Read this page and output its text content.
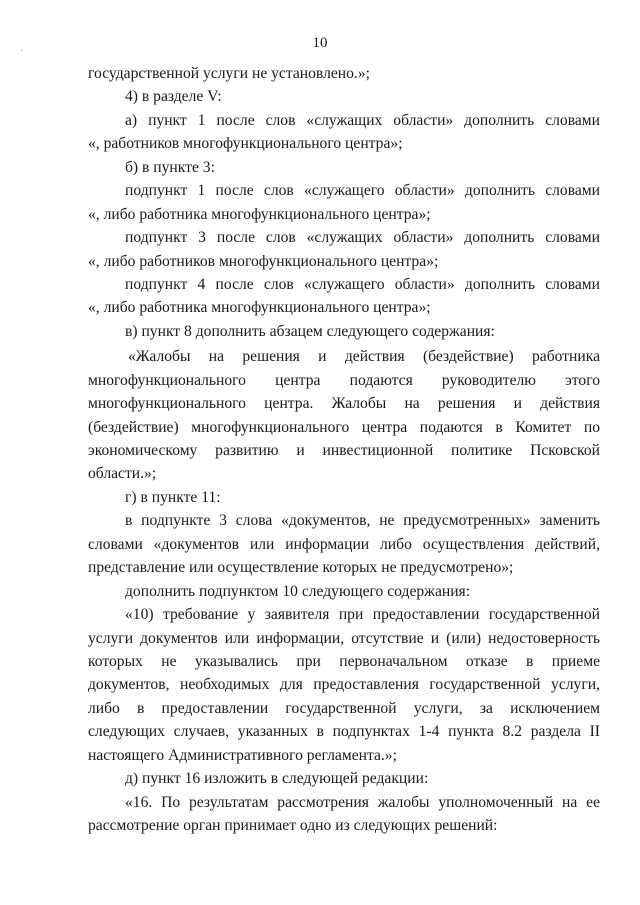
·
10
государственной услуги не установлено.»;
4) в разделе V:
а) пункт 1 после слов «служащих области» дополнить словами
«, работников многофункционального центра»;
б) в пункте 3:
подпункт 1 после слов «служащего области» дополнить словами
«, либо работника многофункционального центра»;
подпункт 3 после слов «служащих области» дополнить словами
«, либо работников многофункционального центра»;
подпункт 4 после слов «служащего области» дополнить словами
«, либо работника многофункционального центра»;
в) пункт 8 дополнить абзацем следующего содержания:
«Жалобы на решения и действия (бездействие) работника
многофункционального центра подаются руководителю этого
многофункционального центра. Жалобы на решения и действия
(бездействие) многофункционального центра подаются в Комитет по
экономическому развитию и инвестиционной политике Псковской
области.»;
г) в пункте 11:
в подпункте 3 слова «документов, не предусмотренных» заменить
словами «документов или информации либо осуществления действий,
представление или осуществление которых не предусмотрено»;
дополнить подпунктом 10 следующего содержания:
«10) требование у заявителя при предоставлении государственной
услуги документов или информации, отсутствие и (или) недостоверность
которых не указывались при первоначальном отказе в приеме
документов, необходимых для предоставления государственной услуги,
либо в предоставлении государственной услуги, за исключением
следующих случаев, указанных в подпунктах 1-4 пункта 8.2 раздела II
настоящего Административного регламента.»;
д) пункт 16 изложить в следующей редакции:
«16. По результатам рассмотрения жалобы уполномоченный на ее
рассмотрение орган принимает одно из следующих решений:
